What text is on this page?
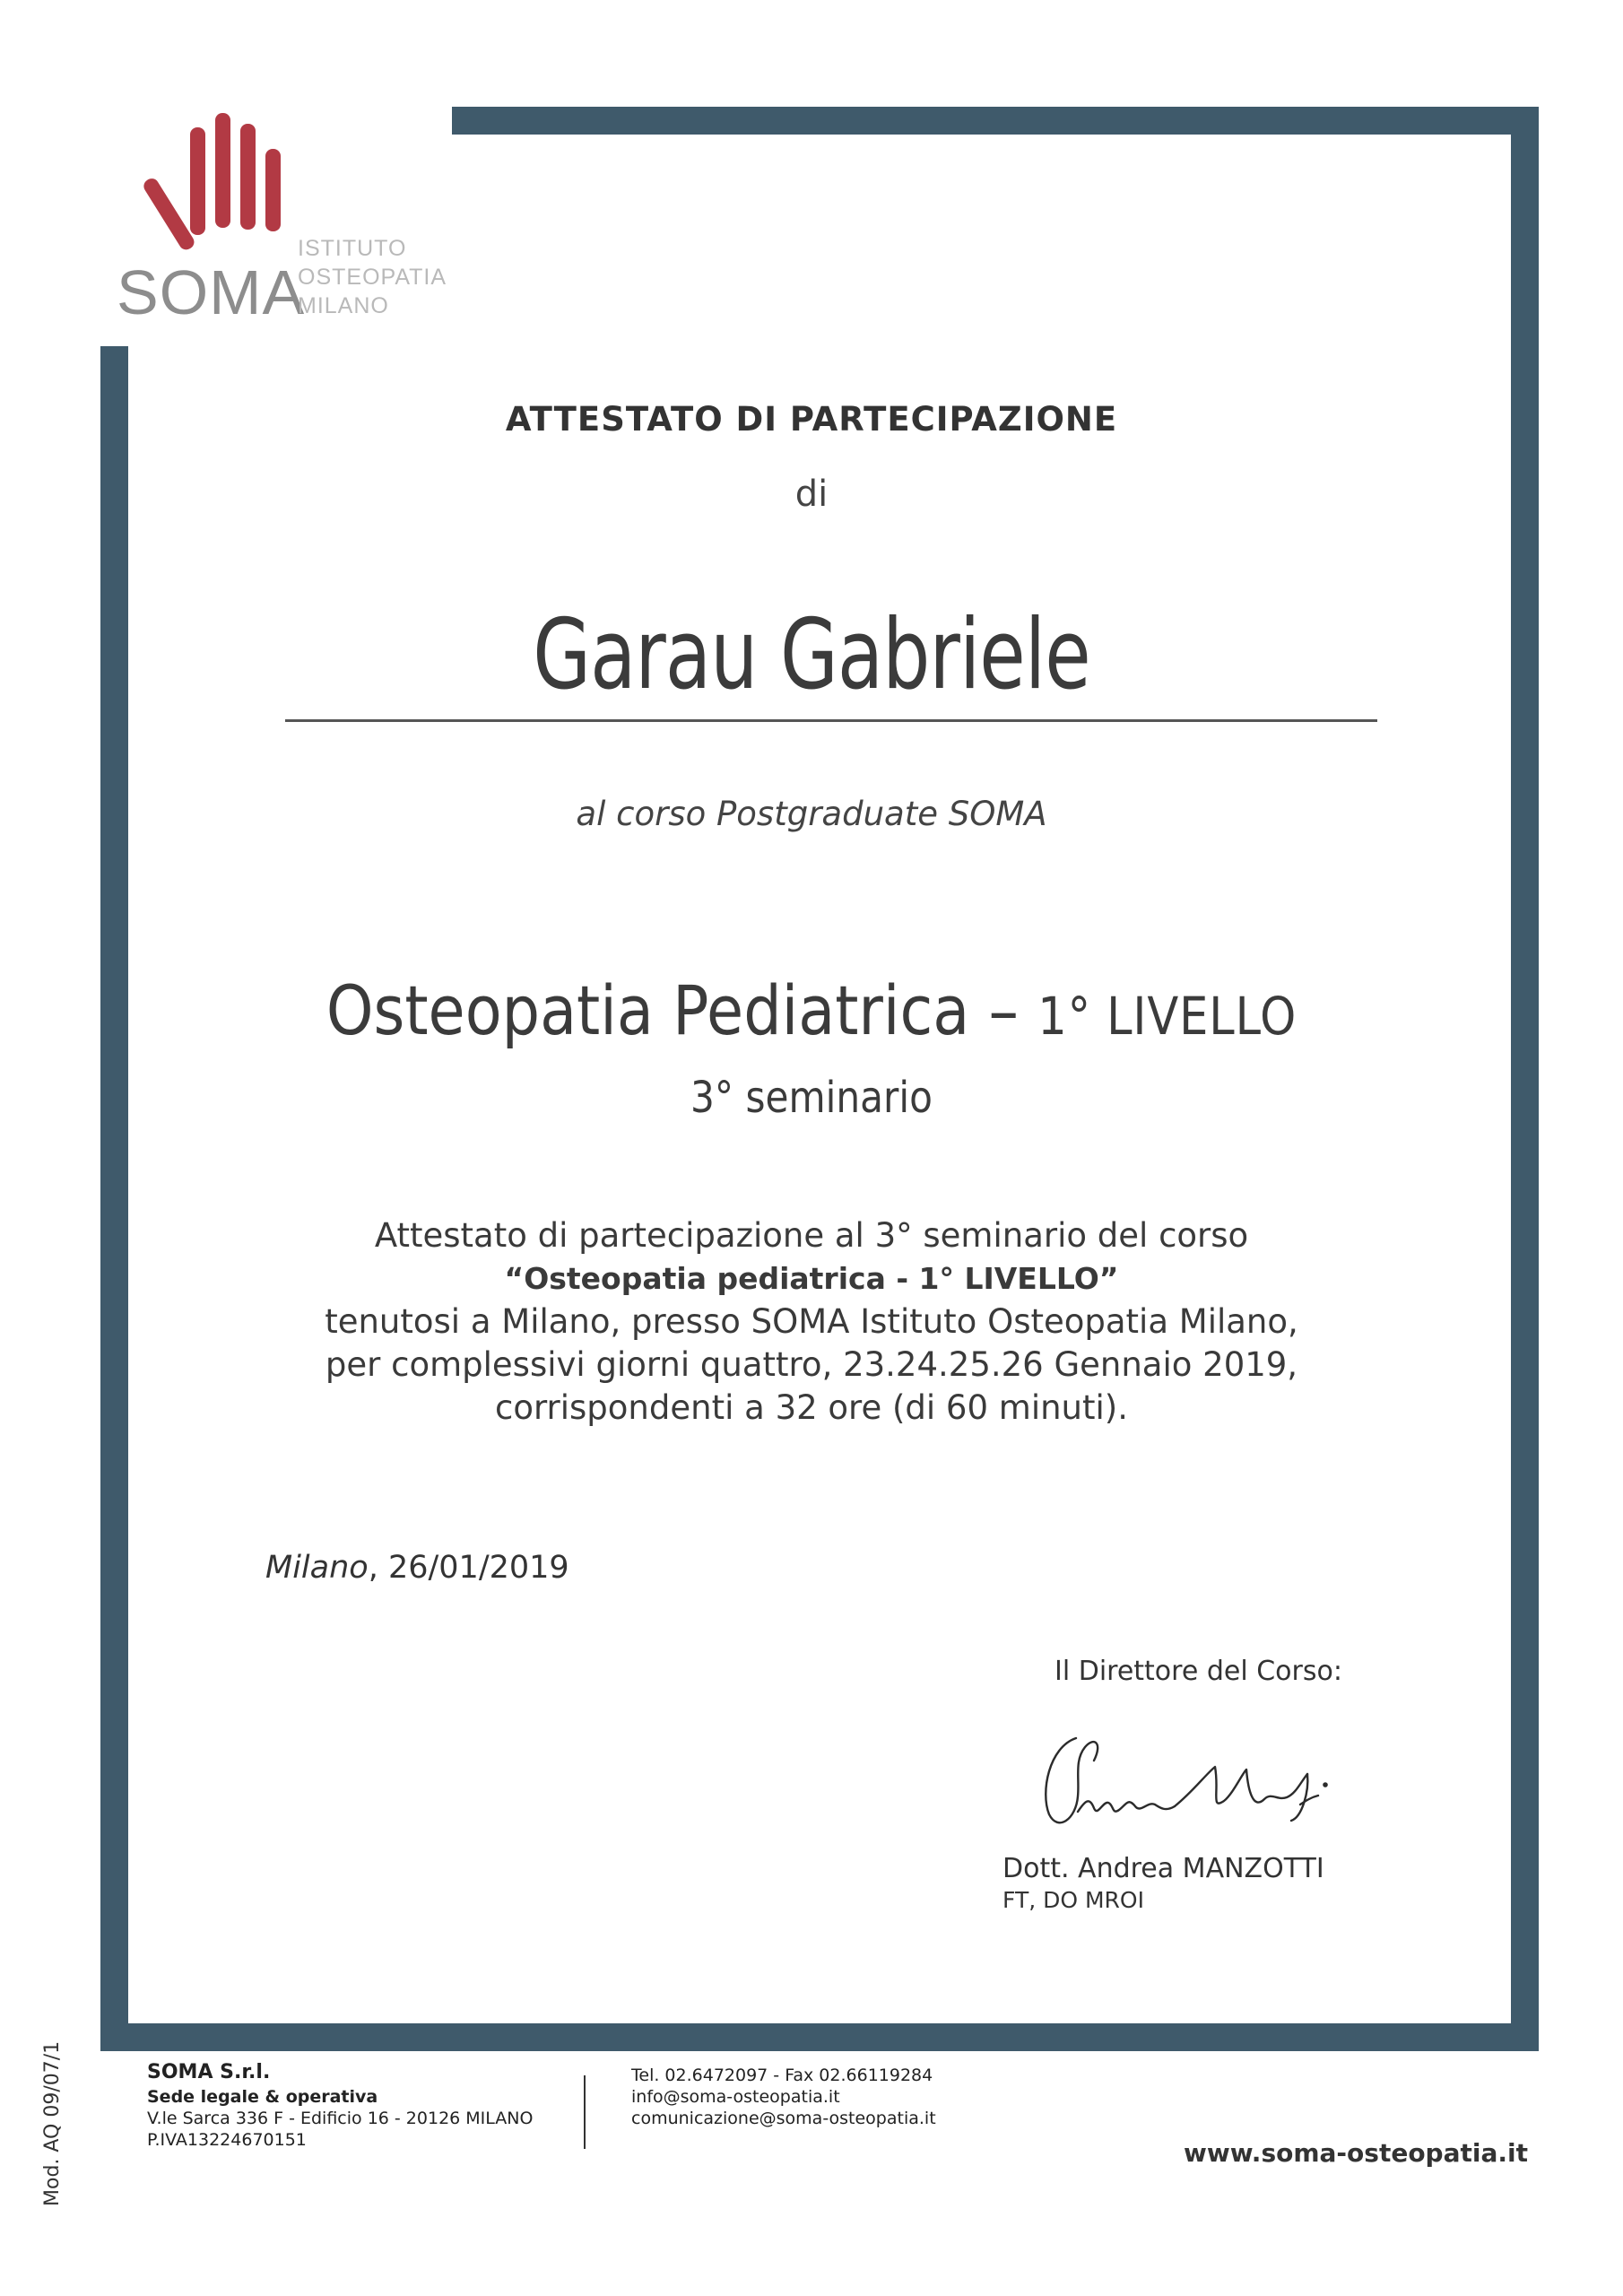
SOMA
ISTITUTO
OSTEOPATIA
MILANO
ATTESTATO DI PARTECIPAZIONE
di
Garau Gabriele
al corso Postgraduate SOMA
Osteopatia Pediatrica – 1° LIVELLO
3° seminario
Attestato di partecipazione al 3° seminario del corso
“Osteopatia pediatrica - 1° LIVELLO”
tenutosi a Milano, presso SOMA Istituto Osteopatia Milano,
per complessivi giorni quattro, 23.24.25.26 Gennaio 2019,
corrispondenti a 32 ore (di 60 minuti).
Milano, 26/01/2019
Il Direttore del Corso:
Dott. Andrea MANZOTTI
FT, DO MROI
Mod. AQ 09/07/1	SOMA S.r.l.
Sede legale & operativa
V.le Sarca 336 F - Edificio 16 - 20126 MILANO
P.IVA13224670151
Tel. 02.6472097 - Fax 02.66119284
info@soma-osteopatia.it
comunicazione@soma-osteopatia.it
www.soma-osteopatia.it
